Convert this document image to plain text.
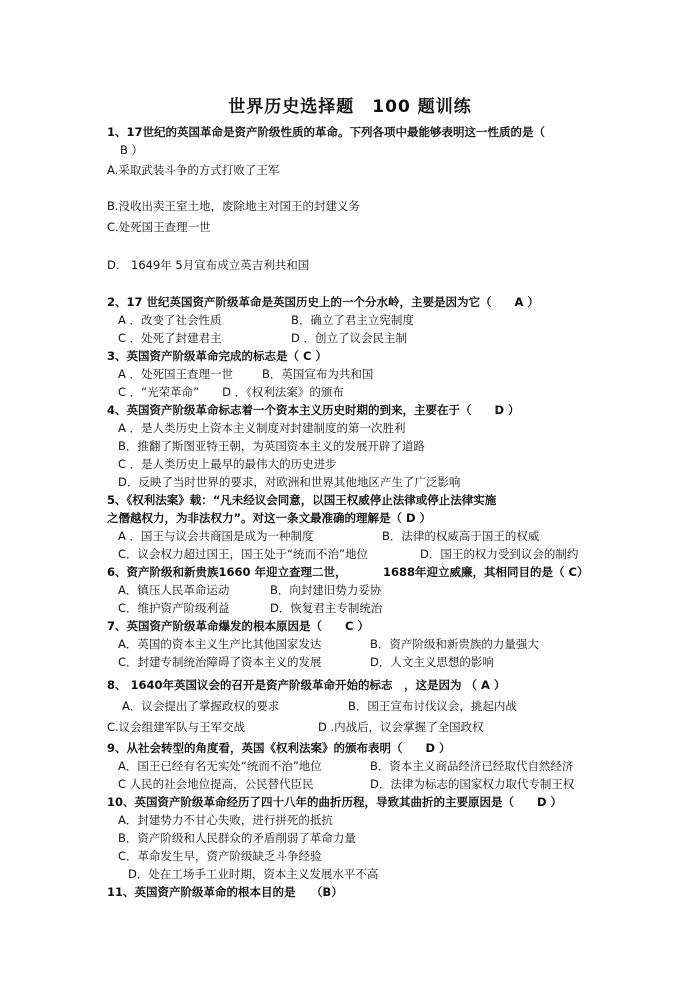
世界历史选择题　100 题训练
1、17世纪的英国革命是资产阶级性质的革命。下列各项中最能够表明这一性质的是（
B ）
A.采取武装斗争的方式打败了王军
B.没收出卖王室土地，废除地主对国王的封建义务
C.处死国王查理一世
D.　1649年 5月宣布成立英吉利共和国
2、17 世纪英国资产阶级革命是英国历史上的一个分水岭，主要是因为它（　　A ）
A ．改变了社会性质	B．确立了君主立宪制度
C ．处死了封建君主	D ．创立了议会民主制
3、英国资产阶级革命完成的标志是（ C ）
A ．处死国王查理一世	B．英国宣布为共和国
C ．“光荣革命”　　D ．《权利法案》的颁布
4、英国资产阶级革命标志着一个资本主义历史时期的到来，主要在于（　　D ）
A ．是人类历史上资本主义制度对封建制度的第一次胜利
B．推翻了斯图亚特王朝，为英国资本主义的发展开辟了道路
C ．是人类历史上最早的最伟大的历史进步
D．反映了当时世界的要求，对欧洲和世界其他地区产生了广泛影响
5、《权利法案》载：“凡未经议会同意，以国王权威停止法律或停止法律实施
之僭越权力，为非法权力”。对这一条文最准确的理解是（ D ）
A ．国王与议会共商国是成为一种制度	B．法律的权威高于国王的权威
C．议会权力超过国王，国王处于“统而不治”地位	D．国王的权力受到议会的制约
6、资产阶级和新贵族1660 年迎立查理二世，	1688年迎立威廉，其相同目的是（ C）
A．镇压人民革命运动	B．向封建旧势力妥协
C．维护资产阶级利益	D．恢复君主专制统治
7、英国资产阶级革命爆发的根本原因是（　　C ）
A．英国的资本主义生产比其他国家发达	B．资产阶级和新贵族的力量强大
C．封建专制统治障碍了资本主义的发展	D．人文主义思想的影响
8、 1640年英国议会的召开是资产阶级革命开始的标志　，这是因为 （ A ）
A．议会提出了掌握政权的要求	B．国王宣布讨伐议会，挑起内战
C.议会组建军队与王军交战	D .内战后，议会掌握了全国政权
9、从社会转型的角度看，英国《权利法案》的颁布表明（　　D ）
A．国王已经有名无实处“统而不治”地位	B．资本主义商品经济已经取代自然经济
C 人民的社会地位提高，公民替代臣民	D．法律为标志的国家权力取代专制王权
10、英国资产阶级革命经历了四十八年的曲折历程，导致其曲折的主要原因是（　　D ）
A．封建势力不甘心失败，进行拼死的抵抗
B．资产阶级和人民群众的矛盾削弱了革命力量
C．革命发生早，资产阶级缺乏斗争经验
D．处在工场手工业时期，资本主义发展水平不高
11、英国资产阶级革命的根本目的是　 （B）
